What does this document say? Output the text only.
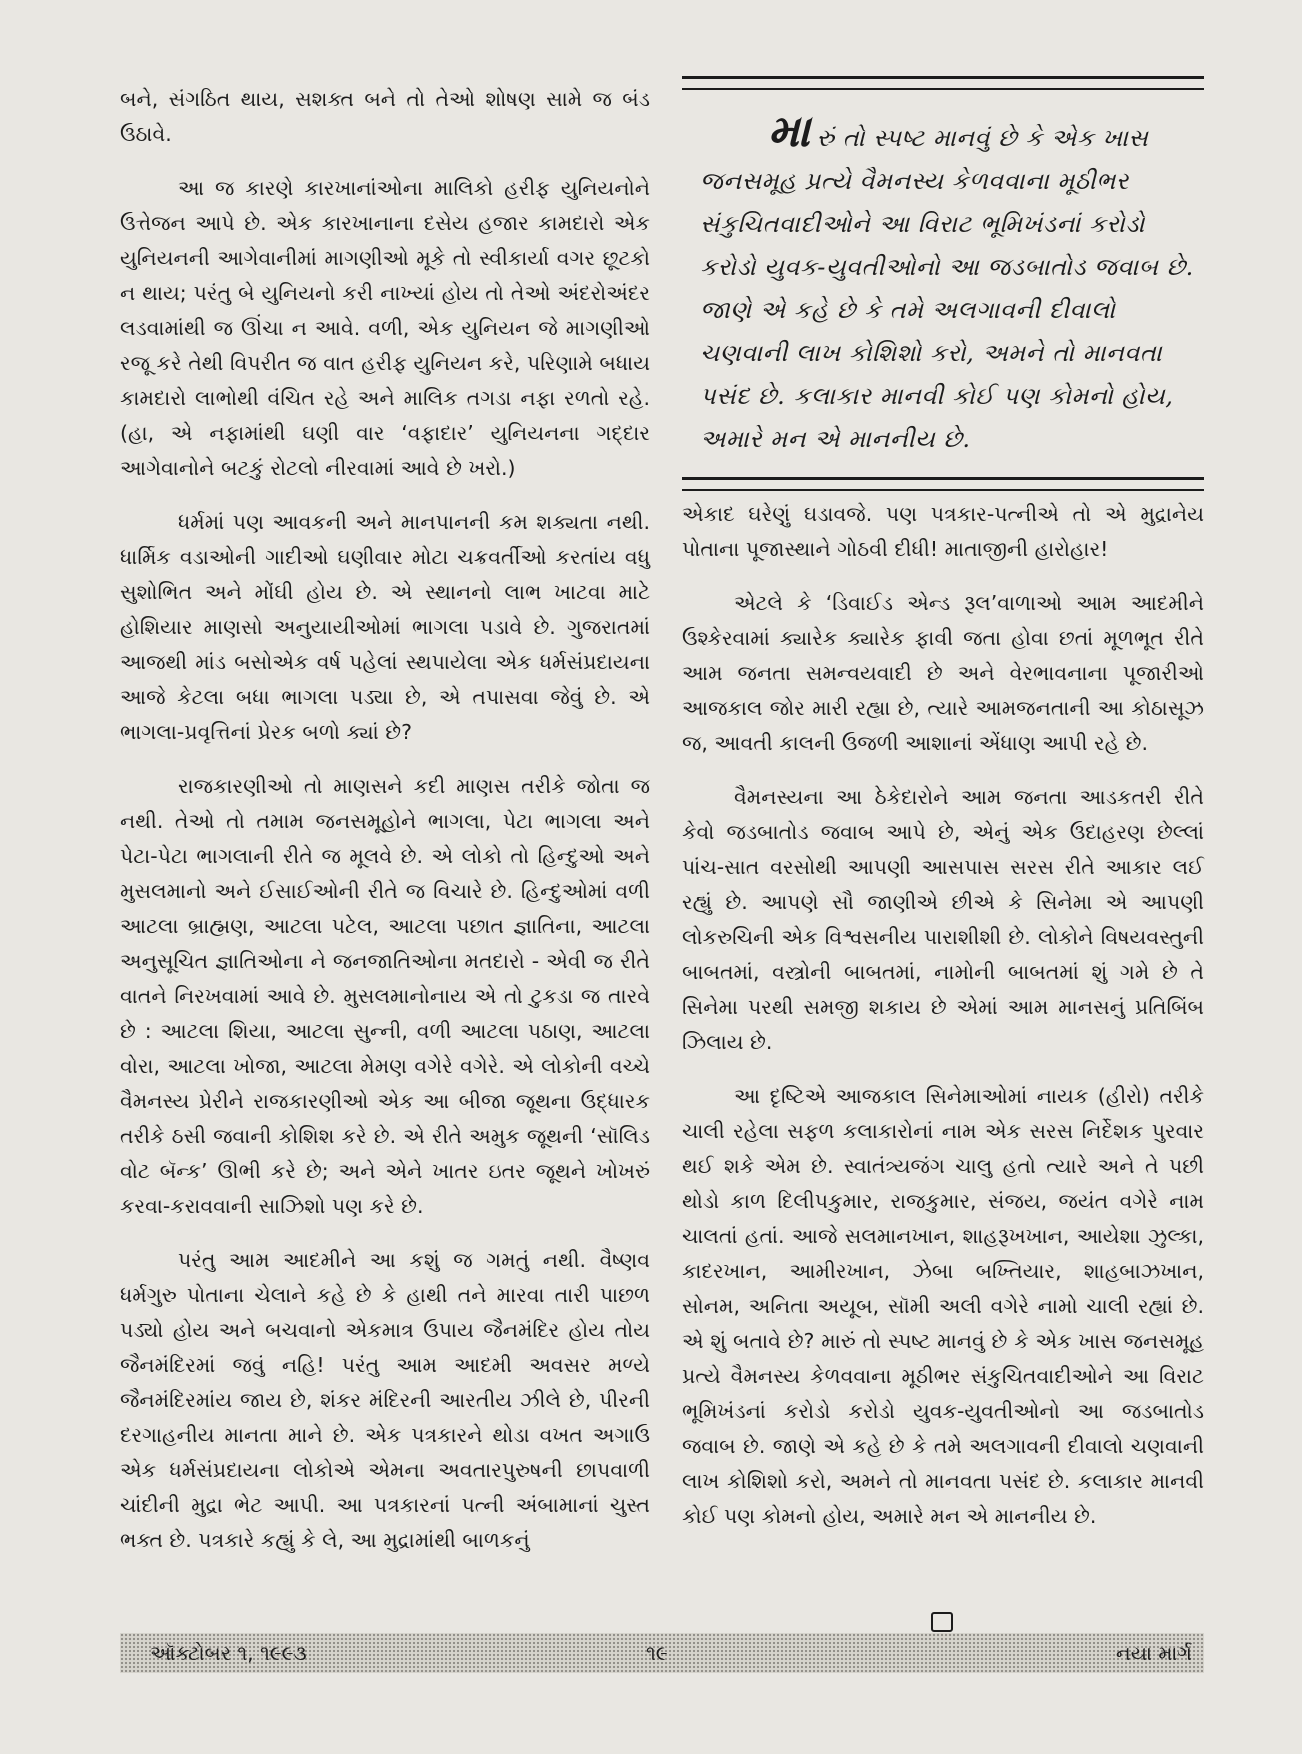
બને, સંગઠિત થાય, સશક્ત બને તો તેઓ શોષણ સામે જ બંડ ઉઠાવે.

આ જ કારણે કારખાનાંઓના માલિકો હરીફ યુનિયનોને ઉત્તેજન આપે છે. એક કારખાનાના દસેય હજાર કામદારો એક યુનિયનની આગેવાનીમાં માગણીઓ મૂકે તો સ્વીકાર્યા વગર છૂટકો ન થાય; પરંતુ બે યુનિયનો કરી નાખ્યાં હોય તો તેઓ અંદરોઅંદર લડવામાંથી જ ઊંચા ન આવે. વળી, એક યુનિયન જે માગણીઓ રજૂ કરે તેથી વિપરીત જ વાત હરીફ યુનિયન કરે, પરિણામે બધાય કામદારો લાભોથી વંચિત રહે અને માલિક તગડા નફા રળતો રહે. (હા, એ નફામાંથી ઘણી વાર ‘વફાદાર’ યુનિયનના ગદ્દાર આગેવાનોને બટકું રોટલો નીરવામાં આવે છે ખરો.)

ધર્મમાં પણ આવકની અને માનપાનની કમ શક્યતા નથી. ધાર્મિક વડાઓની ગાદીઓ ઘણીવાર મોટા ચક્રવર્તીઓ કરતાંય વધુ સુશોભિત અને મોંઘી હોય છે. એ સ્થાનનો લાભ ખાટવા માટે હોશિયાર માણસો અનુયાયીઓમાં ભાગલા પડાવે છે. ગુજરાતમાં આજથી માંડ બસોએક વર્ષ પહેલાં સ્થપાયેલા એક ધર્મસંપ્રદાયના આજે કેટલા બધા ભાગલા પડ્યા છે, એ તપાસવા જેવું છે. એ ભાગલા-પ્રવૃત્તિનાં પ્રેરક બળો ક્યાં છે?

રાજકારણીઓ તો માણસને કદી માણસ તરીકે જોતા જ નથી. તેઓ તો તમામ જનસમૂહોને ભાગલા, પેટા ભાગલા અને પેટા-પેટા ભાગલાની રીતે જ મૂલવે છે. એ લોકો તો હિન્દુઓ અને મુસલમાનો અને ઈસાઈઓની રીતે જ વિચારે છે. હિન્દુઓમાં વળી આટલા બ્રાહ્મણ, આટલા પટેલ, આટલા પછાત જ્ઞાતિના, આટલા અનુસૂચિત જ્ઞાતિઓના ને જનજાતિઓના મતદારો - એવી જ રીતે વાતને નિરખવામાં આવે છે. મુસલમાનોનાય એ તો ટુકડા જ તારવે છે : આટલા શિયા, આટલા સુન્ની, વળી આટલા પઠાણ, આટલા વોરા, આટલા ખોજા, આટલા મેમણ વગેરે વગેરે. એ લોકોની વચ્ચે વૈમનસ્ય પ્રેરીને રાજકારણીઓ એક આ બીજા જૂથના ઉદ્ધારક તરીકે ઠસી જવાની કોશિશ કરે છે. એ રીતે અમુક જૂથની ‘સૉલિડ વોટ બૅન્ક’ ઊભી કરે છે; અને એને ખાતર ઇતર જૂથને ખોખરું કરવા-કરાવવાની સાઝિશો પણ કરે છે.

પરંતુ આમ આદમીને આ કશું જ ગમતું નથી. વૈષ્ણવ ધર્મગુરુ પોતાના ચેલાને કહે છે કે હાથી તને મારવા તારી પાછળ પડ્યો હોય અને બચવાનો એકમાત્ર ઉપાય જૈનમંદિર હોય તોય જૈનમંદિરમાં જવું નહિ! પરંતુ આમ આદમી અવસર મળ્યે જૈનમંદિરમાંય જાય છે, શંકર મંદિરની આરતીય ઝીલે છે, પીરની દરગાહનીય માનતા માને છે. એક પત્રકારને થોડા વખત અગાઉ એક ધર્મસંપ્રદાયના લોકોએ એમના અવતારપુરુષની છાપવાળી ચાંદીની મુદ્રા ભેટ આપી. આ પત્રકારનાં પત્ની અંબામાનાં ચુસ્ત ભક્ત છે. પત્રકારે કહ્યું કે લે, આ મુદ્રામાંથી બાળકનું

મારું તો સ્પષ્ટ માનવું છે કે એક ખાસ જનસમૂહ પ્રત્યે વૈમનસ્ય કેળવવાના મૂઠીભર સંકુચિતવાદીઓને આ વિરાટ ભૂમિખંડનાં કરોડો કરોડો યુવક-યુવતીઓનો આ જડબાતોડ જવાબ છે. જાણે એ કહે છે કે તમે અલગાવની દીવાલો ચણવાની લાખ કોશિશો કરો, અમને તો માનવતા પસંદ છે. કલાકાર માનવી કોઈ પણ કોમનો હોય, અમારે મન એ માનનીય છે.

એકાદ ઘરેણું ઘડાવજે. પણ પત્રકાર-પત્નીએ તો એ મુદ્રાનેય પોતાના પૂજાસ્થાને ગોઠવી દીધી! માતાજીની હારોહાર!

એટલે કે ‘ડિવાઈડ એન્ડ રૂલ’વાળાઓ આમ આદમીને ઉશ્કેરવામાં ક્યારેક ક્યારેક ફાવી જતા હોવા છતાં મૂળભૂત રીતે આમ જનતા સમન્વયવાદી છે અને વેરભાવનાના પૂજારીઓ આજકાલ જોર મારી રહ્યા છે, ત્યારે આમજનતાની આ કોઠાસૂઝ જ, આવતી કાલની ઉજળી આશાનાં એંધાણ આપી રહે છે.

વૈમનસ્યના આ ઠેકેદારોને આમ જનતા આડકતરી રીતે કેવો જડબાતોડ જવાબ આપે છે, એનું એક ઉદાહરણ છેલ્લાં પાંચ-સાત વરસોથી આપણી આસપાસ સરસ રીતે આકાર લઈ રહ્યું છે. આપણે સૌ જાણીએ છીએ કે સિનેમા એ આપણી લોકરુચિની એક વિશ્વસનીય પારાશીશી છે. લોકોને વિષયવસ્તુની બાબતમાં, વસ્ત્રોની બાબતમાં, નામોની બાબતમાં શું ગમે છે તે સિનેમા પરથી સમજી શકાય છે એમાં આમ માનસનું પ્રતિબિંબ ઝિલાય છે.

આ દૃષ્ટિએ આજકાલ સિનેમાઓમાં નાયક (હીરો) તરીકે ચાલી રહેલા સફળ કલાકારોનાં નામ એક સરસ નિર્દેશક પુરવાર થઈ શકે એમ છે. સ્વાતંત્ર્યજંગ ચાલુ હતો ત્યારે અને તે પછી થોડો કાળ દિલીપકુમાર, રાજકુમાર, સંજય, જયંત વગેરે નામ ચાલતાં હતાં. આજે સલમાનખાન, શાહરૂખખાન, આયેશા ઝુલ્કા, કાદરખાન, આમીરખાન, ઝેબા બખ્તિયાર, શાહબાઝખાન, સોનમ, અનિતા અયૂબ, સૉમી અલી વગેરે નામો ચાલી રહ્યાં છે. એ શું બતાવે છે? મારું તો સ્પષ્ટ માનવું છે કે એક ખાસ જનસમૂહ પ્રત્યે વૈમનસ્ય કેળવવાના મૂઠીભર સંકુચિતવાદીઓને આ વિરાટ ભૂમિખંડનાં કરોડો કરોડો યુવક-યુવતીઓનો આ જડબાતોડ જવાબ છે. જાણે એ કહે છે કે તમે અલગાવની દીવાલો ચણવાની લાખ કોશિશો કરો, અમને તો માનવતા પસંદ છે. કલાકાર માનવી કોઈ પણ કોમનો હોય, અમારે મન એ માનનીય છે.

ઑક્ટોબર ૧, ૧૯૯૩	૧૯	નયા માર્ગ
